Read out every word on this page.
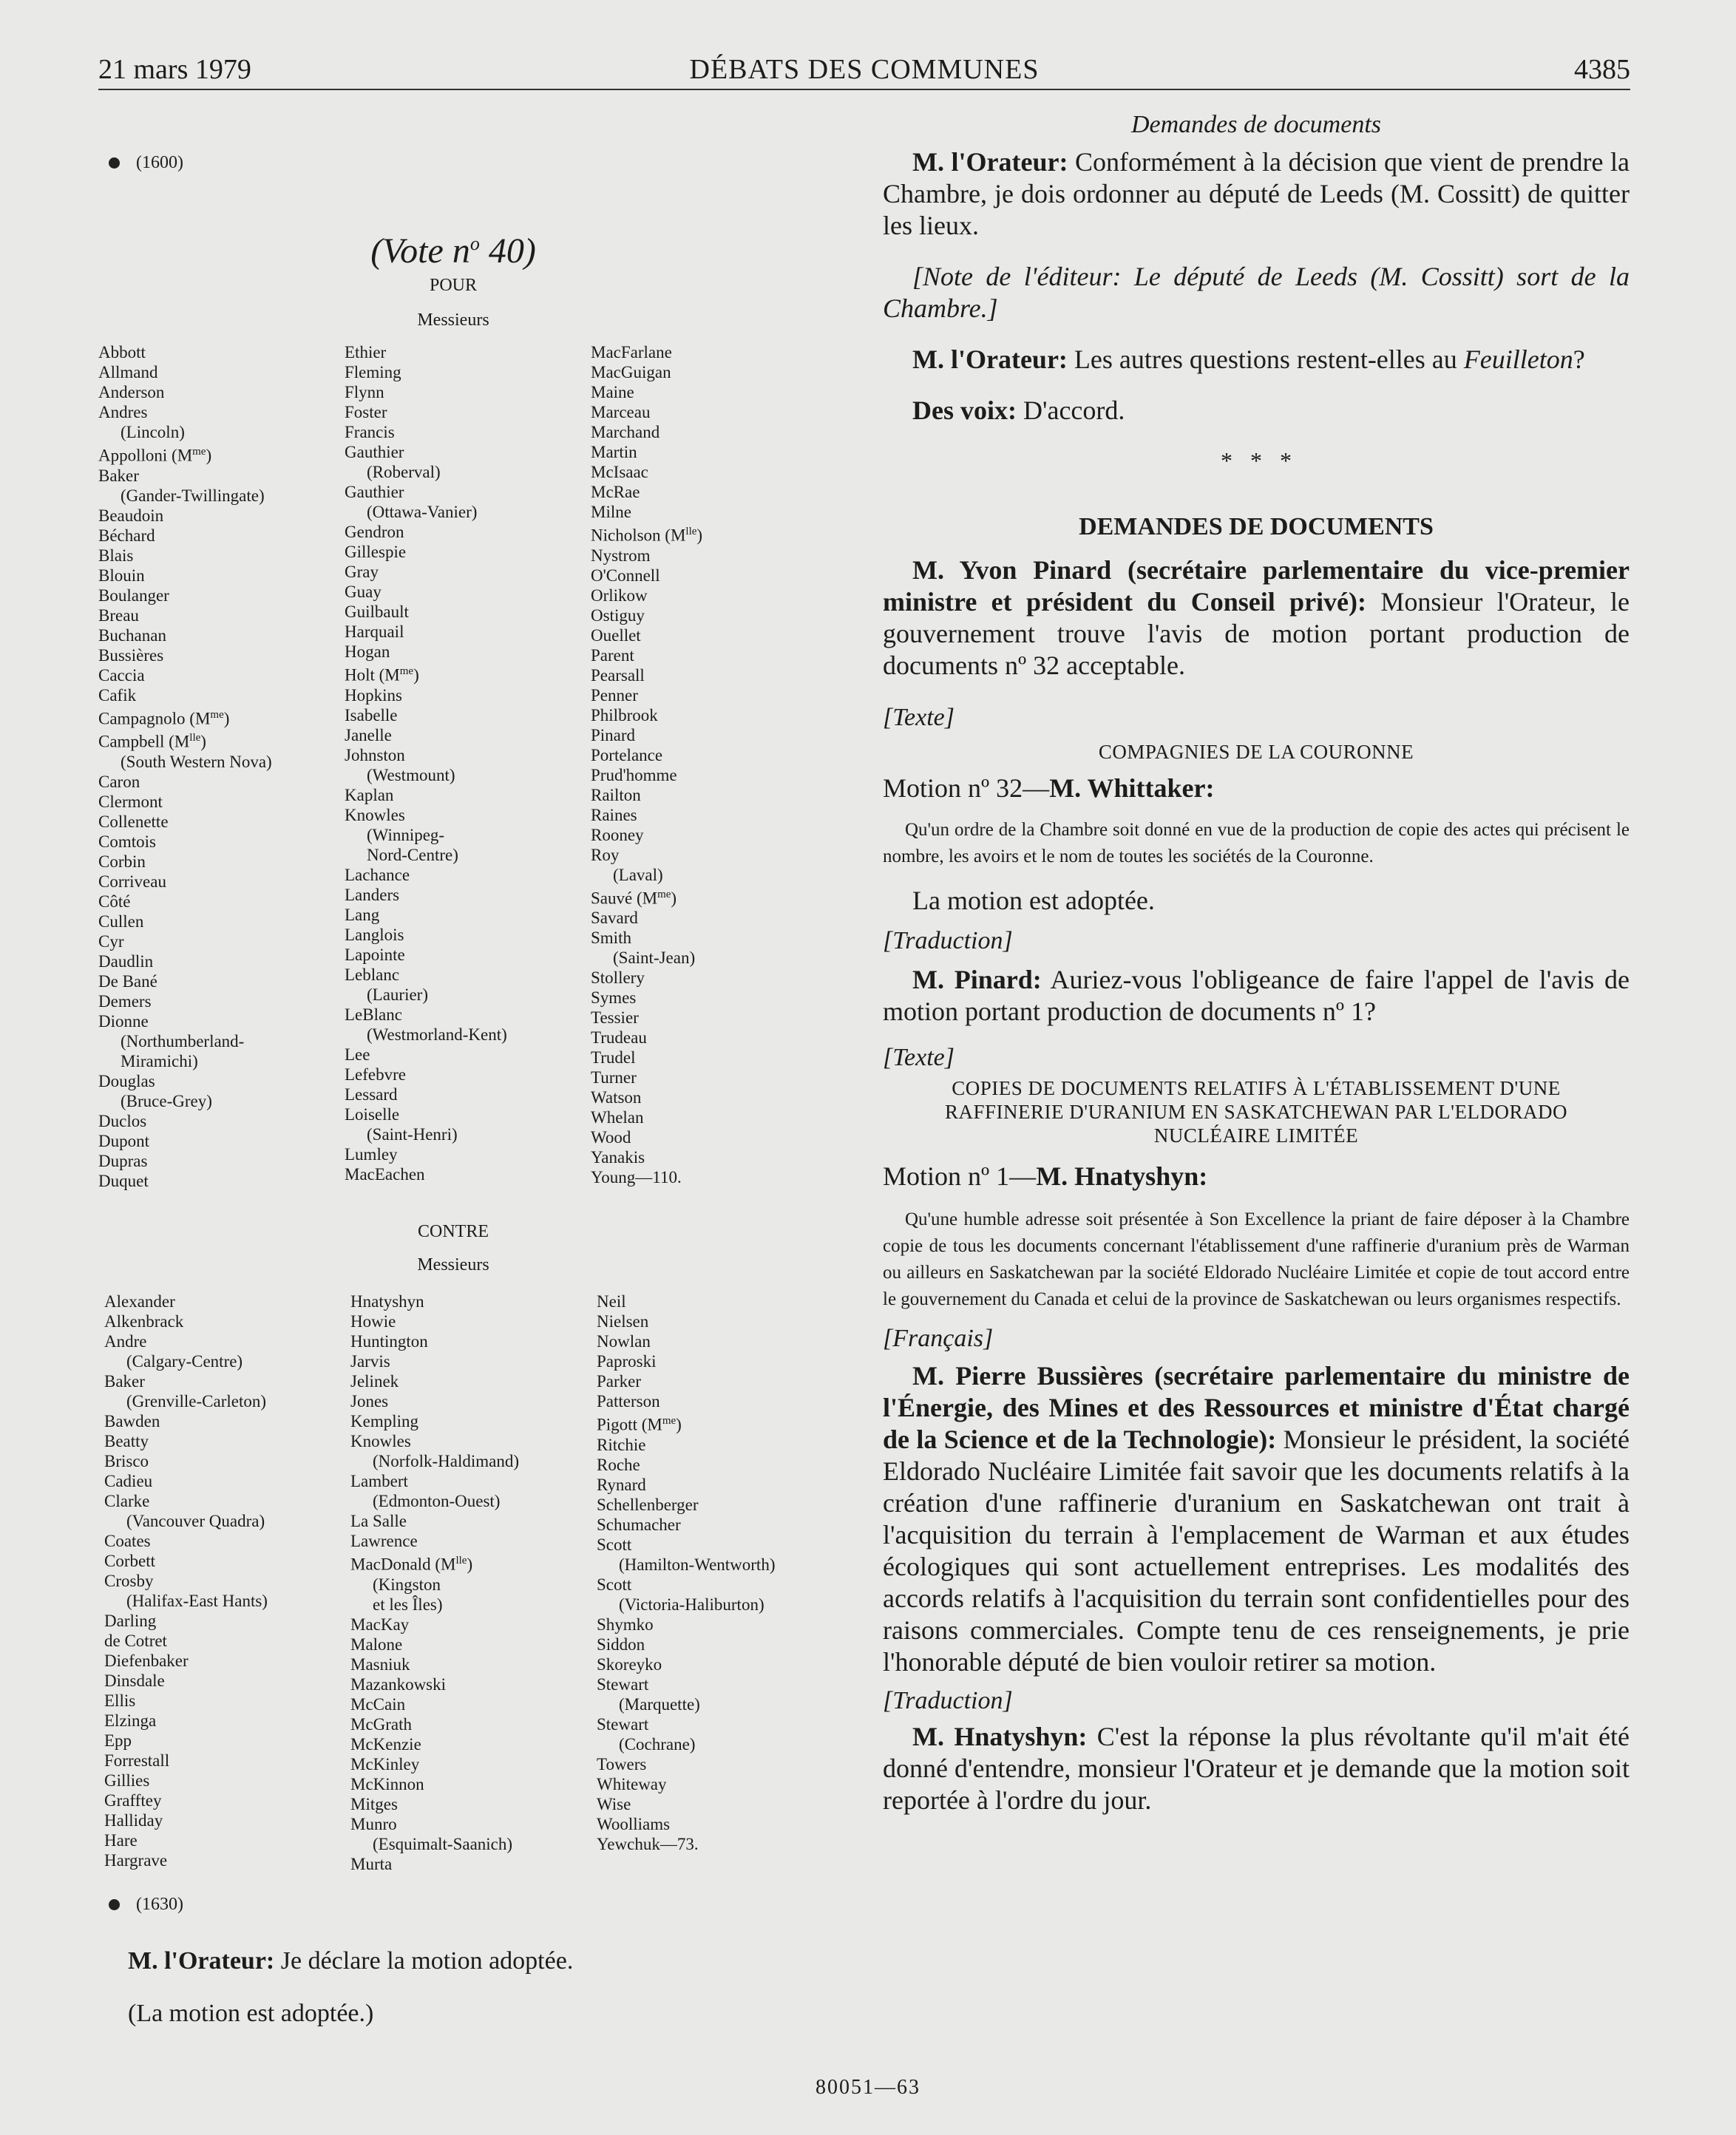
21 mars 1979	DÉBATS DES COMMUNES	4385
(1600)
(Vote $n^o$ 40)
POUR
Messieurs
Abbott
Allmand
Anderson
Andres
(Lincoln)
Appolloni $(M^{me})$
Baker
(Gander-Twillingate)
Beaudoin
Béchard
Blais
Blouin
Boulanger
Breau
Buchanan
Bussières
Caccia
Cafik
Campagnolo $(M^{me})$
Campbell $(M^{lle})$
(South Western Nova)
Caron
Clermont
Collenette
Comtois
Corbin
Corriveau
Côté
Cullen
Cyr
Daudlin
De Bané
Demers
Dionne
(Northumberland-
Miramichi)
Douglas
(Bruce-Grey)
Duclos
Dupont
Dupras
Duquet
Ethier
Fleming
Flynn
Foster
Francis
Gauthier
(Roberval)
Gauthier
(Ottawa-Vanier)
Gendron
Gillespie
Gray
Guay
Guilbault
Harquail
Hogan
Holt $(M^{me})$
Hopkins
Isabelle
Janelle
Johnston
(Westmount)
Kaplan
Knowles
(Winnipeg-
Nord-Centre)
Lachance
Landers
Lang
Langlois
Lapointe
Leblanc
(Laurier)
LeBlanc
(Westmorland-Kent)
Lee
Lefebvre
Lessard
Loiselle
(Saint-Henri)
Lumley
MacEachen
MacFarlane
MacGuigan
Maine
Marceau
Marchand
Martin
McIsaac
McRae
Milne
Nicholson $(M^{lle})$
Nystrom
O'Connell
Orlikow
Ostiguy
Ouellet
Parent
Pearsall
Penner
Philbrook
Pinard
Portelance
Prud'homme
Railton
Raines
Rooney
Roy
(Laval)
Sauvé $(M^{me})$
Savard
Smith
(Saint-Jean)
Stollery
Symes
Tessier
Trudeau
Trudel
Turner
Watson
Whelan
Wood
Yanakis
Young—110.
CONTRE
Messieurs
Alexander
Alkenbrack
Andre
(Calgary-Centre)
Baker
(Grenville-Carleton)
Bawden
Beatty
Brisco
Cadieu
Clarke
(Vancouver Quadra)
Coates
Corbett
Crosby
(Halifax-East Hants)
Darling
de Cotret
Diefenbaker
Dinsdale
Ellis
Elzinga
Epp
Forrestall
Gillies
Grafftey
Halliday
Hare
Hargrave
Hnatyshyn
Howie
Huntington
Jarvis
Jelinek
Jones
Kempling
Knowles
(Norfolk-Haldimand)
Lambert
(Edmonton-Ouest)
La Salle
Lawrence
MacDonald $(M^{lle})$
(Kingston
et les Îles)
MacKay
Malone
Masniuk
Mazankowski
McCain
McGrath
McKenzie
McKinley
McKinnon
Mitges
Munro
(Esquimalt-Saanich)
Murta
Neil
Nielsen
Nowlan
Paproski
Parker
Patterson
Pigott $(M^{me})$
Ritchie
Roche
Rynard
Schellenberger
Schumacher
Scott
(Hamilton-Wentworth)
Scott
(Victoria-Haliburton)
Shymko
Siddon
Skoreyko
Stewart
(Marquette)
Stewart
(Cochrane)
Towers
Whiteway
Wise
Woolliams
Yewchuk—73.
(1630)

M. l'Orateur: Je déclare la motion adoptée.

(La motion est adoptée.)

Demandes de documents

M. l'Orateur: Conformément à la décision que vient de prendre la Chambre, je dois ordonner au député de Leeds (M. Cossitt) de quitter les lieux.

[Note de l'éditeur: Le député de Leeds (M. Cossitt) sort de la Chambre.]

M. l'Orateur: Les autres questions restent-elles au Feuilleton?

Des voix: D'accord.

*   *   *
DEMANDES DE DOCUMENTS

M. Yvon Pinard (secrétaire parlementaire du vice-premier ministre et président du Conseil privé): Monsieur l'Orateur, le gouvernement trouve l'avis de motion portant production de documents nº 32 acceptable.

[Texte]
COMPAGNIES DE LA COURONNE
Motion nº 32—M. Whittaker:

Qu'un ordre de la Chambre soit donné en vue de la production de copie des actes qui précisent le nombre, les avoirs et le nom de toutes les sociétés de la Couronne.

La motion est adoptée.

[Traduction]

M. Pinard: Auriez-vous l'obligeance de faire l'appel de l'avis de motion portant production de documents nº 1?

[Texte]
COPIES DE DOCUMENTS RELATIFS À L'ÉTABLISSEMENT D'UNE RAFFINERIE D'URANIUM EN SASKATCHEWAN PAR L'ELDORADO NUCLÉAIRE LIMITÉE
Motion nº 1—M. Hnatyshyn:

Qu'une humble adresse soit présentée à Son Excellence la priant de faire déposer à la Chambre copie de tous les documents concernant l'établissement d'une raffinerie d'uranium près de Warman ou ailleurs en Saskatchewan par la société Eldorado Nucléaire Limitée et copie de tout accord entre le gouvernement du Canada et celui de la province de Saskatchewan ou leurs organismes respectifs.

[Français]

M. Pierre Bussières (secrétaire parlementaire du ministre de l'Énergie, des Mines et des Ressources et ministre d'État chargé de la Science et de la Technologie): Monsieur le président, la société Eldorado Nucléaire Limitée fait savoir que les documents relatifs à la création d'une raffinerie d'uranium en Saskatchewan ont trait à l'acquisition du terrain à l'emplacement de Warman et aux études écologiques qui sont actuellement entreprises. Les modalités des accords relatifs à l'acquisition du terrain sont confidentielles pour des raisons commerciales. Compte tenu de ces renseignements, je prie l'honorable député de bien vouloir retirer sa motion.

[Traduction]

M. Hnatyshyn: C'est la réponse la plus révoltante qu'il m'ait été donné d'entendre, monsieur l'Orateur et je demande que la motion soit reportée à l'ordre du jour.

80051—63
